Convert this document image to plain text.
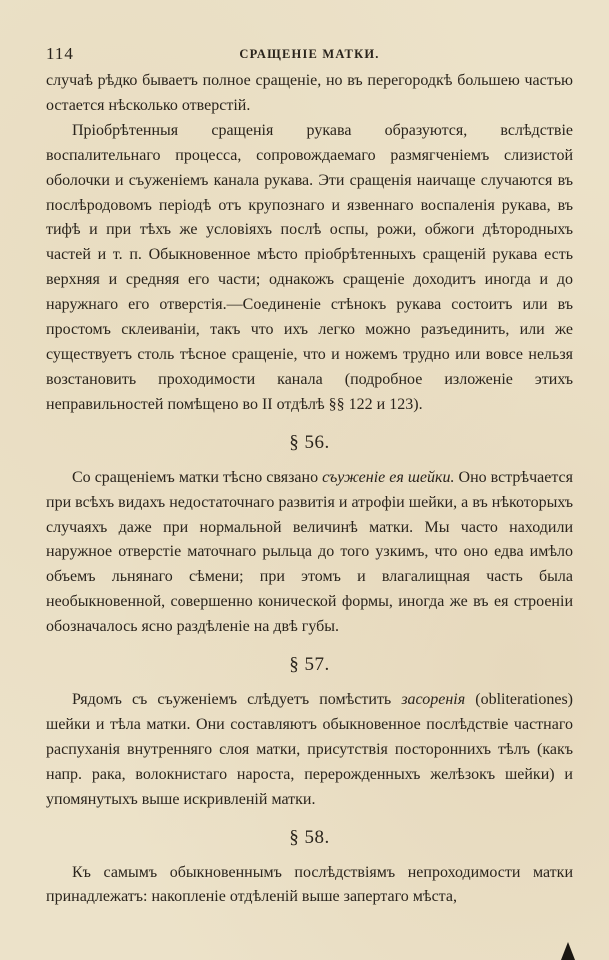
114	СРАЩЕНІЕ МАТКИ.

случаѣ рѣдко бываетъ полное сращеніе, но въ перегородкѣ большею частью остается нѣсколько отверстій.

Пріобрѣтенныя сращенія рукава образуются, вслѣдствіе воспалительнаго процесса, сопровождаемаго размягченіемъ слизистой оболочки и съуженіемъ канала рукава. Эти сращенія наичаще случаются въ послѣродовомъ періодѣ отъ крупознаго и язвеннаго воспаленія рукава, въ тифѣ и при тѣхъ же условіяхъ послѣ оспы, рожи, обжоги дѣтородныхъ частей и т. п. Обыкновенное мѣсто пріобрѣтенныхъ сращеній рукава есть верхняя и средняя его части; однакожъ сращеніе доходитъ иногда и до наружнаго его отверстія.—Соединеніе стѣнокъ рукава состоитъ или въ простомъ склеиваніи, такъ что ихъ легко можно разъединить, или же существуетъ столь тѣсное сращеніе, что и ножемъ трудно или вовсе нельзя возстановить проходимости канала (подробное изложеніе этихъ неправильностей помѣщено во II отдѣлѣ §§ 122 и 123).

§ 56.

Со сращеніемъ матки тѣсно связано съуженіе ея шейки. Оно встрѣчается при всѣхъ видахъ недостаточнаго развитія и атрофіи шейки, а въ нѣкоторыхъ случаяхъ даже при нормальной величинѣ матки. Мы часто находили наружное отверстіе маточнаго рыльца до того узкимъ, что оно едва имѣло объемъ льнянаго сѣмени; при этомъ и влагалищная часть была необыкновенной, совершенно конической формы, иногда же въ ея строеніи обозначалось ясно раздѣленіе на двѣ губы.

§ 57.

Рядомъ съ съуженіемъ слѣдуетъ помѣстить засоренія (obliterationes) шейки и тѣла матки. Они составляютъ обыкновенное послѣдствіе частнаго распуханія внутренняго слоя матки, присутствія постороннихъ тѣлъ (какъ напр. рака, волокнистаго нароста, перерожденныхъ желѣзокъ шейки) и упомянутыхъ выше искривленій матки.

§ 58.

Къ самымъ обыкновеннымъ послѣдствіямъ непроходимости матки принадлежатъ: накопленіе отдѣленій выше запертаго мѣста,
